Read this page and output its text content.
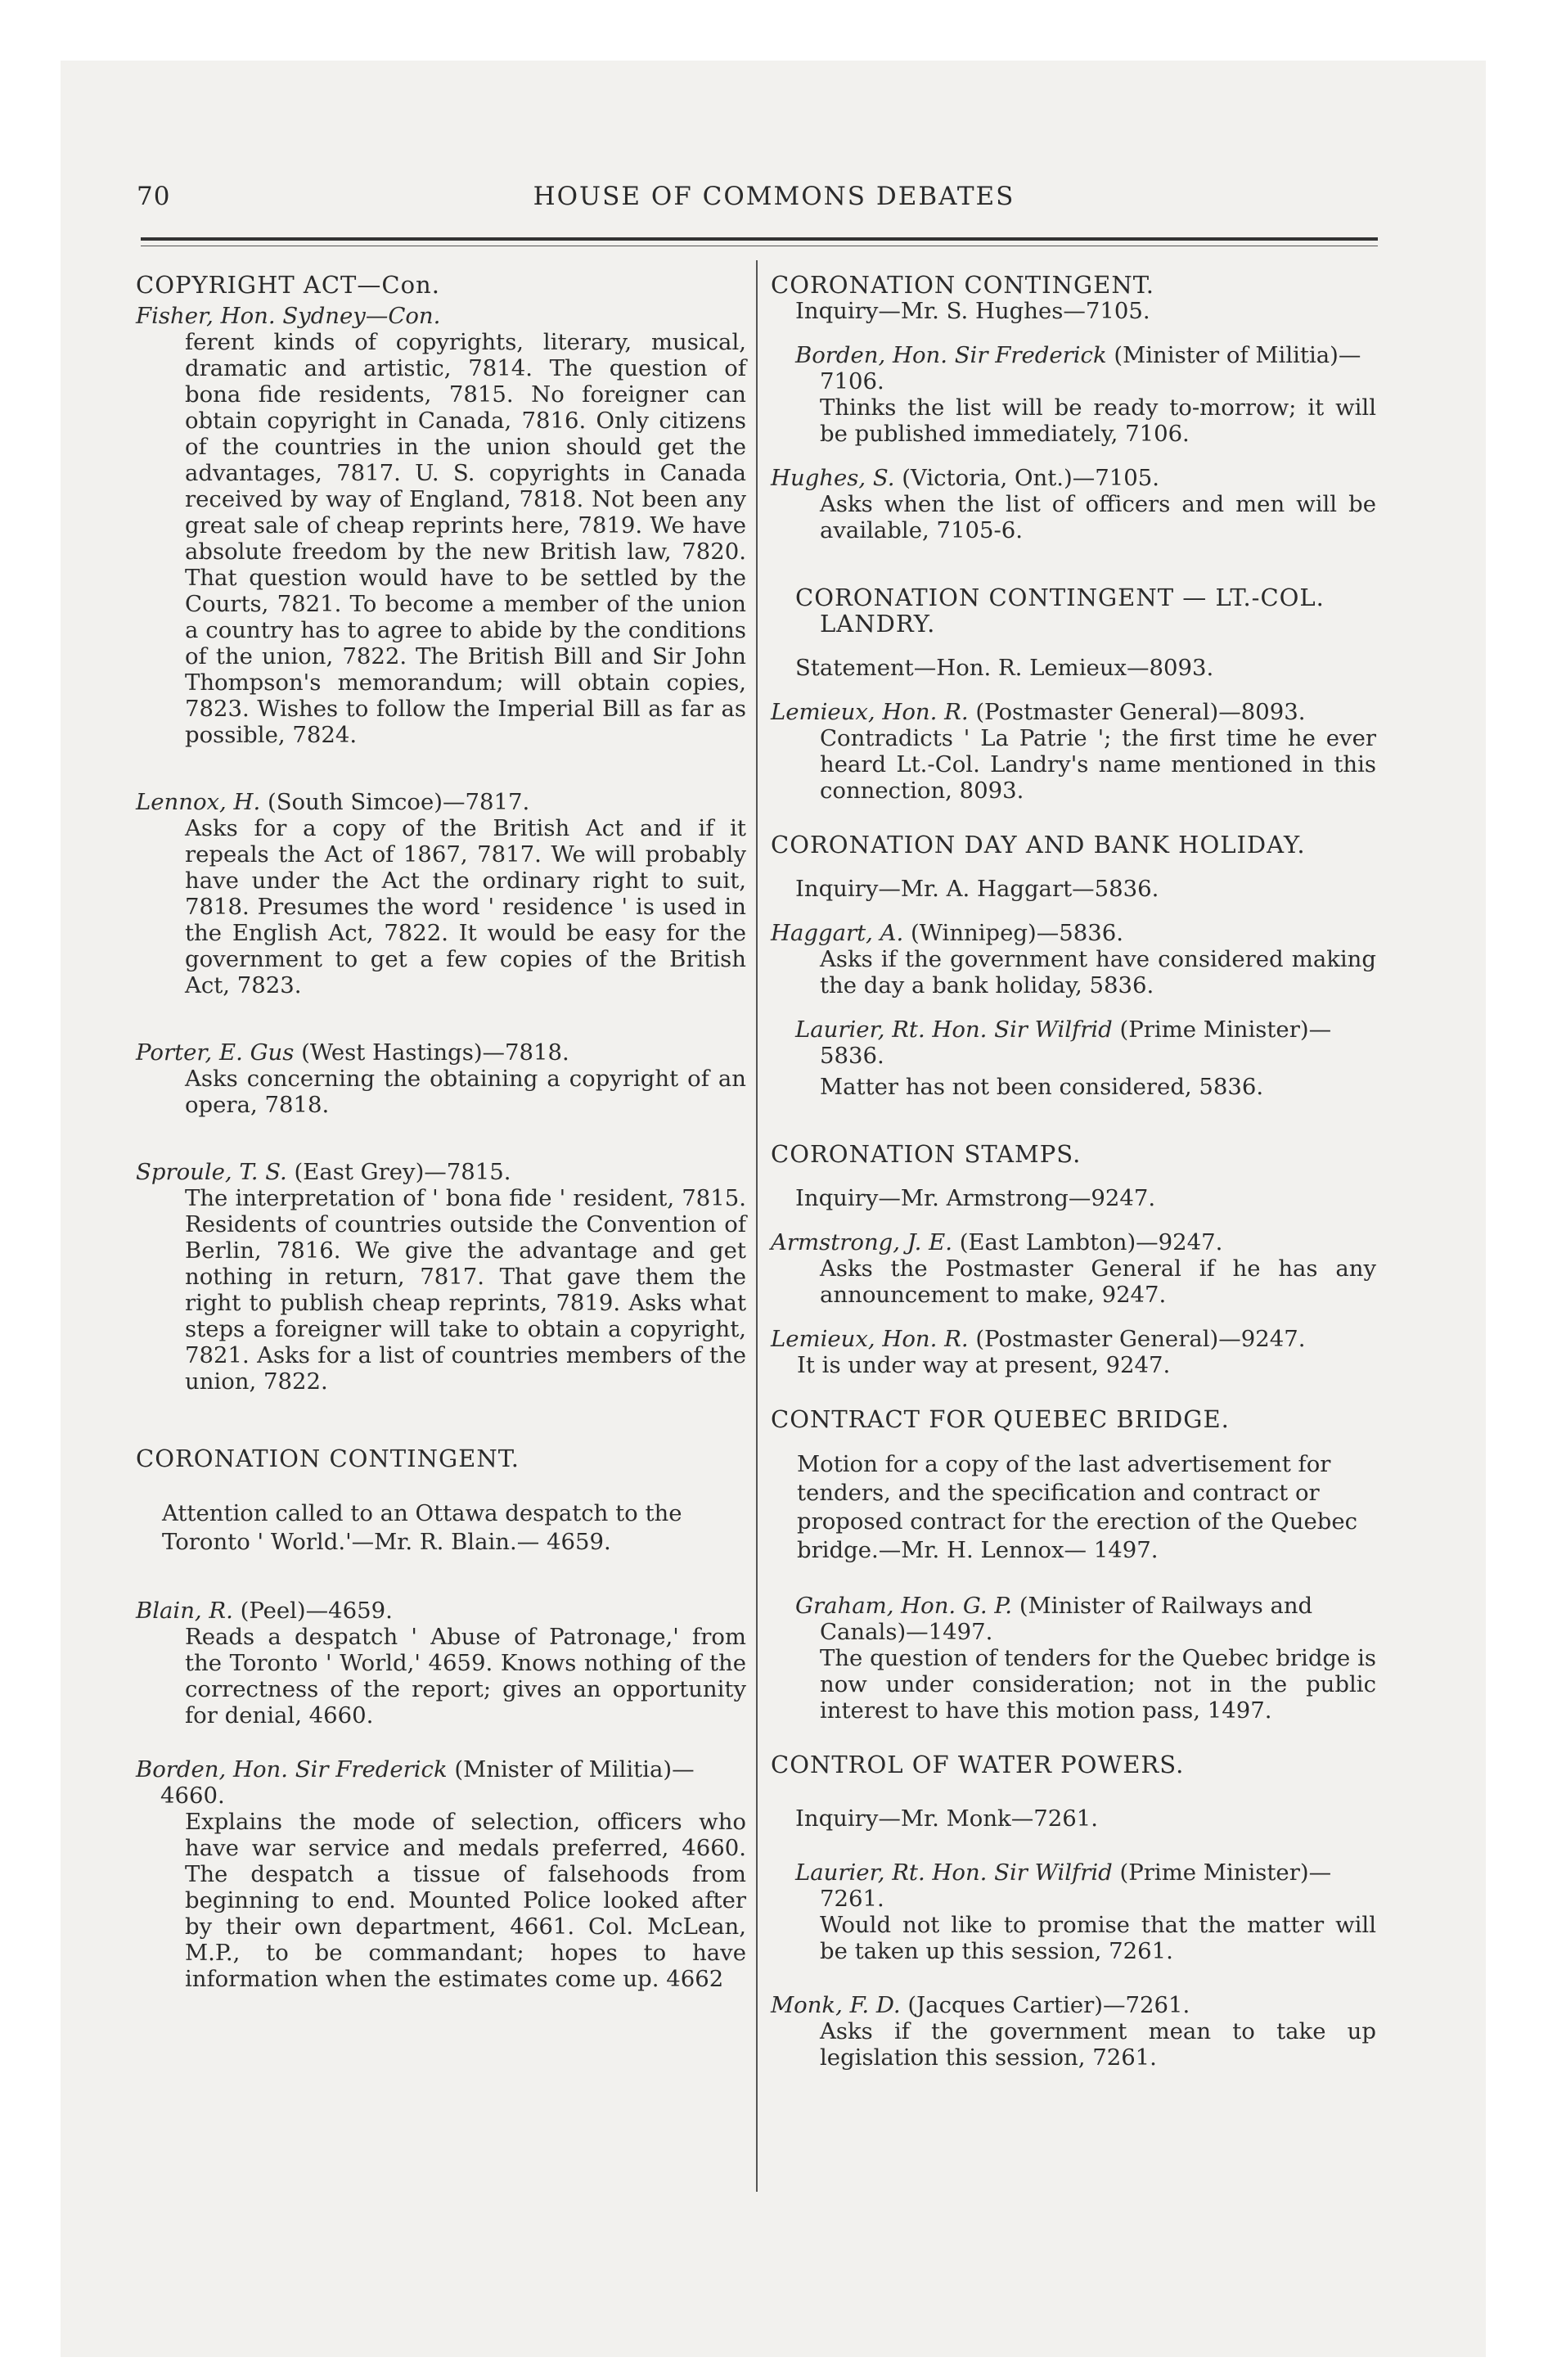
70	HOUSE OF COMMONS DEBATES

COPYRIGHT ACT—Con.

Fisher, Hon. Sydney—Con.

ferent kinds of copyrights, literary, musical, dramatic and artistic, 7814. The question of bona fide residents, 7815. No foreigner can obtain copyright in Canada, 7816. Only citizens of the countries in the union should get the advantages, 7817. U. S. copyrights in Canada received by way of England, 7818. Not been any great sale of cheap reprints here, 7819. We have absolute freedom by the new British law, 7820. That question would have to be settled by the Courts, 7821. To become a member of the union a country has to agree to abide by the conditions of the union, 7822. The British Bill and Sir John Thompson's memorandum; will obtain copies, 7823. Wishes to follow the Imperial Bill as far as possible, 7824.

Lennox, H. (South Simcoe)—7817.

Asks for a copy of the British Act and if it repeals the Act of 1867, 7817. We will probably have under the Act the ordinary right to suit, 7818. Presumes the word ' residence ' is used in the English Act, 7822. It would be easy for the government to get a few copies of the British Act, 7823.

Porter, E. Gus (West Hastings)—7818.

Asks concerning the obtaining a copyright of an opera, 7818.

Sproule, T. S. (East Grey)—7815.

The interpretation of ' bona fide ' resident, 7815. Residents of countries outside the Convention of Berlin, 7816. We give the advantage and get nothing in return, 7817. That gave them the right to publish cheap reprints, 7819. Asks what steps a foreigner will take to obtain a copyright, 7821. Asks for a list of countries members of the union, 7822.

CORONATION CONTINGENT.

Attention called to an Ottawa despatch to the Toronto ' World.'—Mr. R. Blain.— 4659.

Blain, R. (Peel)—4659.

Reads a despatch ' Abuse of Patronage,' from the Toronto ' World,' 4659. Knows nothing of the correctness of the report; gives an opportunity for denial, 4660.

Borden, Hon. Sir Frederick (Mnister of Militia)—4660.

Explains the mode of selection, officers who have war service and medals preferred, 4660. The despatch a tissue of falsehoods from beginning to end. Mounted Police looked after by their own department, 4661. Col. McLean, M.P., to be commandant; hopes to have information when the estimates come up. 4662

CORONATION CONTINGENT.

Inquiry—Mr. S. Hughes—7105.

Borden, Hon. Sir Frederick (Minister of Militia)—7106.

Thinks the list will be ready to-morrow; it will be published immediately, 7106.

Hughes, S. (Victoria, Ont.)—7105.

Asks when the list of officers and men will be available, 7105-6.

CORONATION CONTINGENT — LT.-COL. LANDRY.

Statement—Hon. R. Lemieux—8093.

Lemieux, Hon. R. (Postmaster General)—8093.

Contradicts ' La Patrie '; the first time he ever heard Lt.-Col. Landry's name mentioned in this connection, 8093.

CORONATION DAY AND BANK HOLIDAY.

Inquiry—Mr. A. Haggart—5836.

Haggart, A. (Winnipeg)—5836.

Asks if the government have considered making the day a bank holiday, 5836.

Laurier, Rt. Hon. Sir Wilfrid (Prime Minister)—5836.

Matter has not been considered, 5836.

CORONATION STAMPS.

Inquiry—Mr. Armstrong—9247.

Armstrong, J. E. (East Lambton)—9247.

Asks the Postmaster General if he has any announcement to make, 9247.

Lemieux, Hon. R. (Postmaster General)—9247.

It is under way at present, 9247.

CONTRACT FOR QUEBEC BRIDGE.

Motion for a copy of the last advertisement for tenders, and the specification and contract or proposed contract for the erection of the Quebec bridge.—Mr. H. Lennox— 1497.

Graham, Hon. G. P. (Minister of Railways and Canals)—1497.

The question of tenders for the Quebec bridge is now under consideration; not in the public interest to have this motion pass, 1497.

CONTROL OF WATER POWERS.

Inquiry—Mr. Monk—7261.

Laurier, Rt. Hon. Sir Wilfrid (Prime Minister)—7261.

Would not like to promise that the matter will be taken up this session, 7261.

Monk, F. D. (Jacques Cartier)—7261.

Asks if the government mean to take up legislation this session, 7261.
